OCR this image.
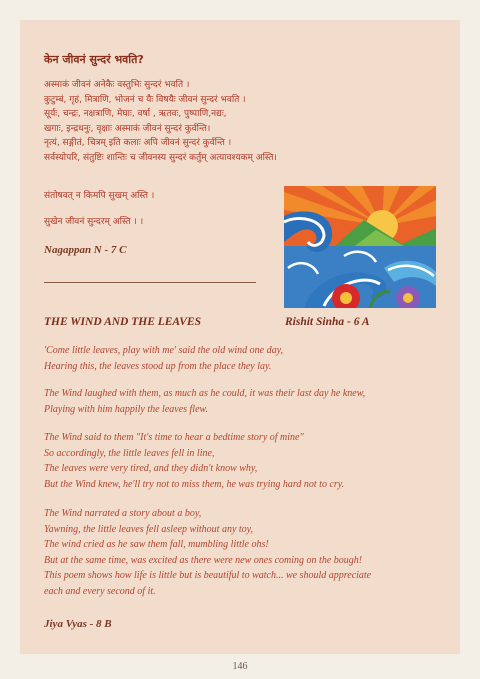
केन जीवनं सुन्दरं भवति?
अस्माकं जीवनं अनेकैः वस्तुभिः सुन्दरं भवति ।
कुटुम्बं, गृहं, मित्राणि, भोजनं च यैः विषयैः जीवनं सुन्दरं भवति ।
सूर्यः, चन्द्रः, नक्षत्राणि, मेघाः, वर्षा , ऋतवः, पुष्पाणि,नद्यः,
खगाः, इन्द्रधनुः, वृक्षाः अस्माकं जीवनं सुन्दरं कुर्वन्ति।
नृत्यं, सङ्गीतं, चित्रम् इति कलाः अपि जीवनं सुन्दरं कुर्वन्ति ।
सर्वस्योपरि, संतुष्टिः शान्तिः च जीवनस्य सुन्दरं कर्तुम् अत्यावश्यकम् अस्ति।
संतोषवत् न किमपि सुखम् अस्ति ।
सुखेन जीवनं सुन्दरम् अस्ति । ।
Nagappan N - 7 C
THE WIND AND THE LEAVES	Rishit Sinha - 6 A
'Come little leaves, play with me' said the old wind one day,
Hearing this, the leaves stood up from the place they lay.
The Wind laughed with them, as much as he could, it was their last day he knew,
Playing with him happily the leaves flew.
The Wind said to them "It's time to hear a bedtime story of mine"
So accordingly, the little leaves fell in line,
The leaves were very tired, and they didn't know why,
But the Wind knew, he'll try not to miss them, he was trying hard not to cry.
The Wind narrated a story about a boy,
Yawning, the little leaves fell asleep without any toy,
The wind cried as he saw them fall, mumbling little ohs!
But at the same time, was excited as there were new ones coming on the bough!
This poem shows how life is little but is beautiful to watch... we should appreciate
each and every second of it.
Jiya Vyas - 8 B
146
